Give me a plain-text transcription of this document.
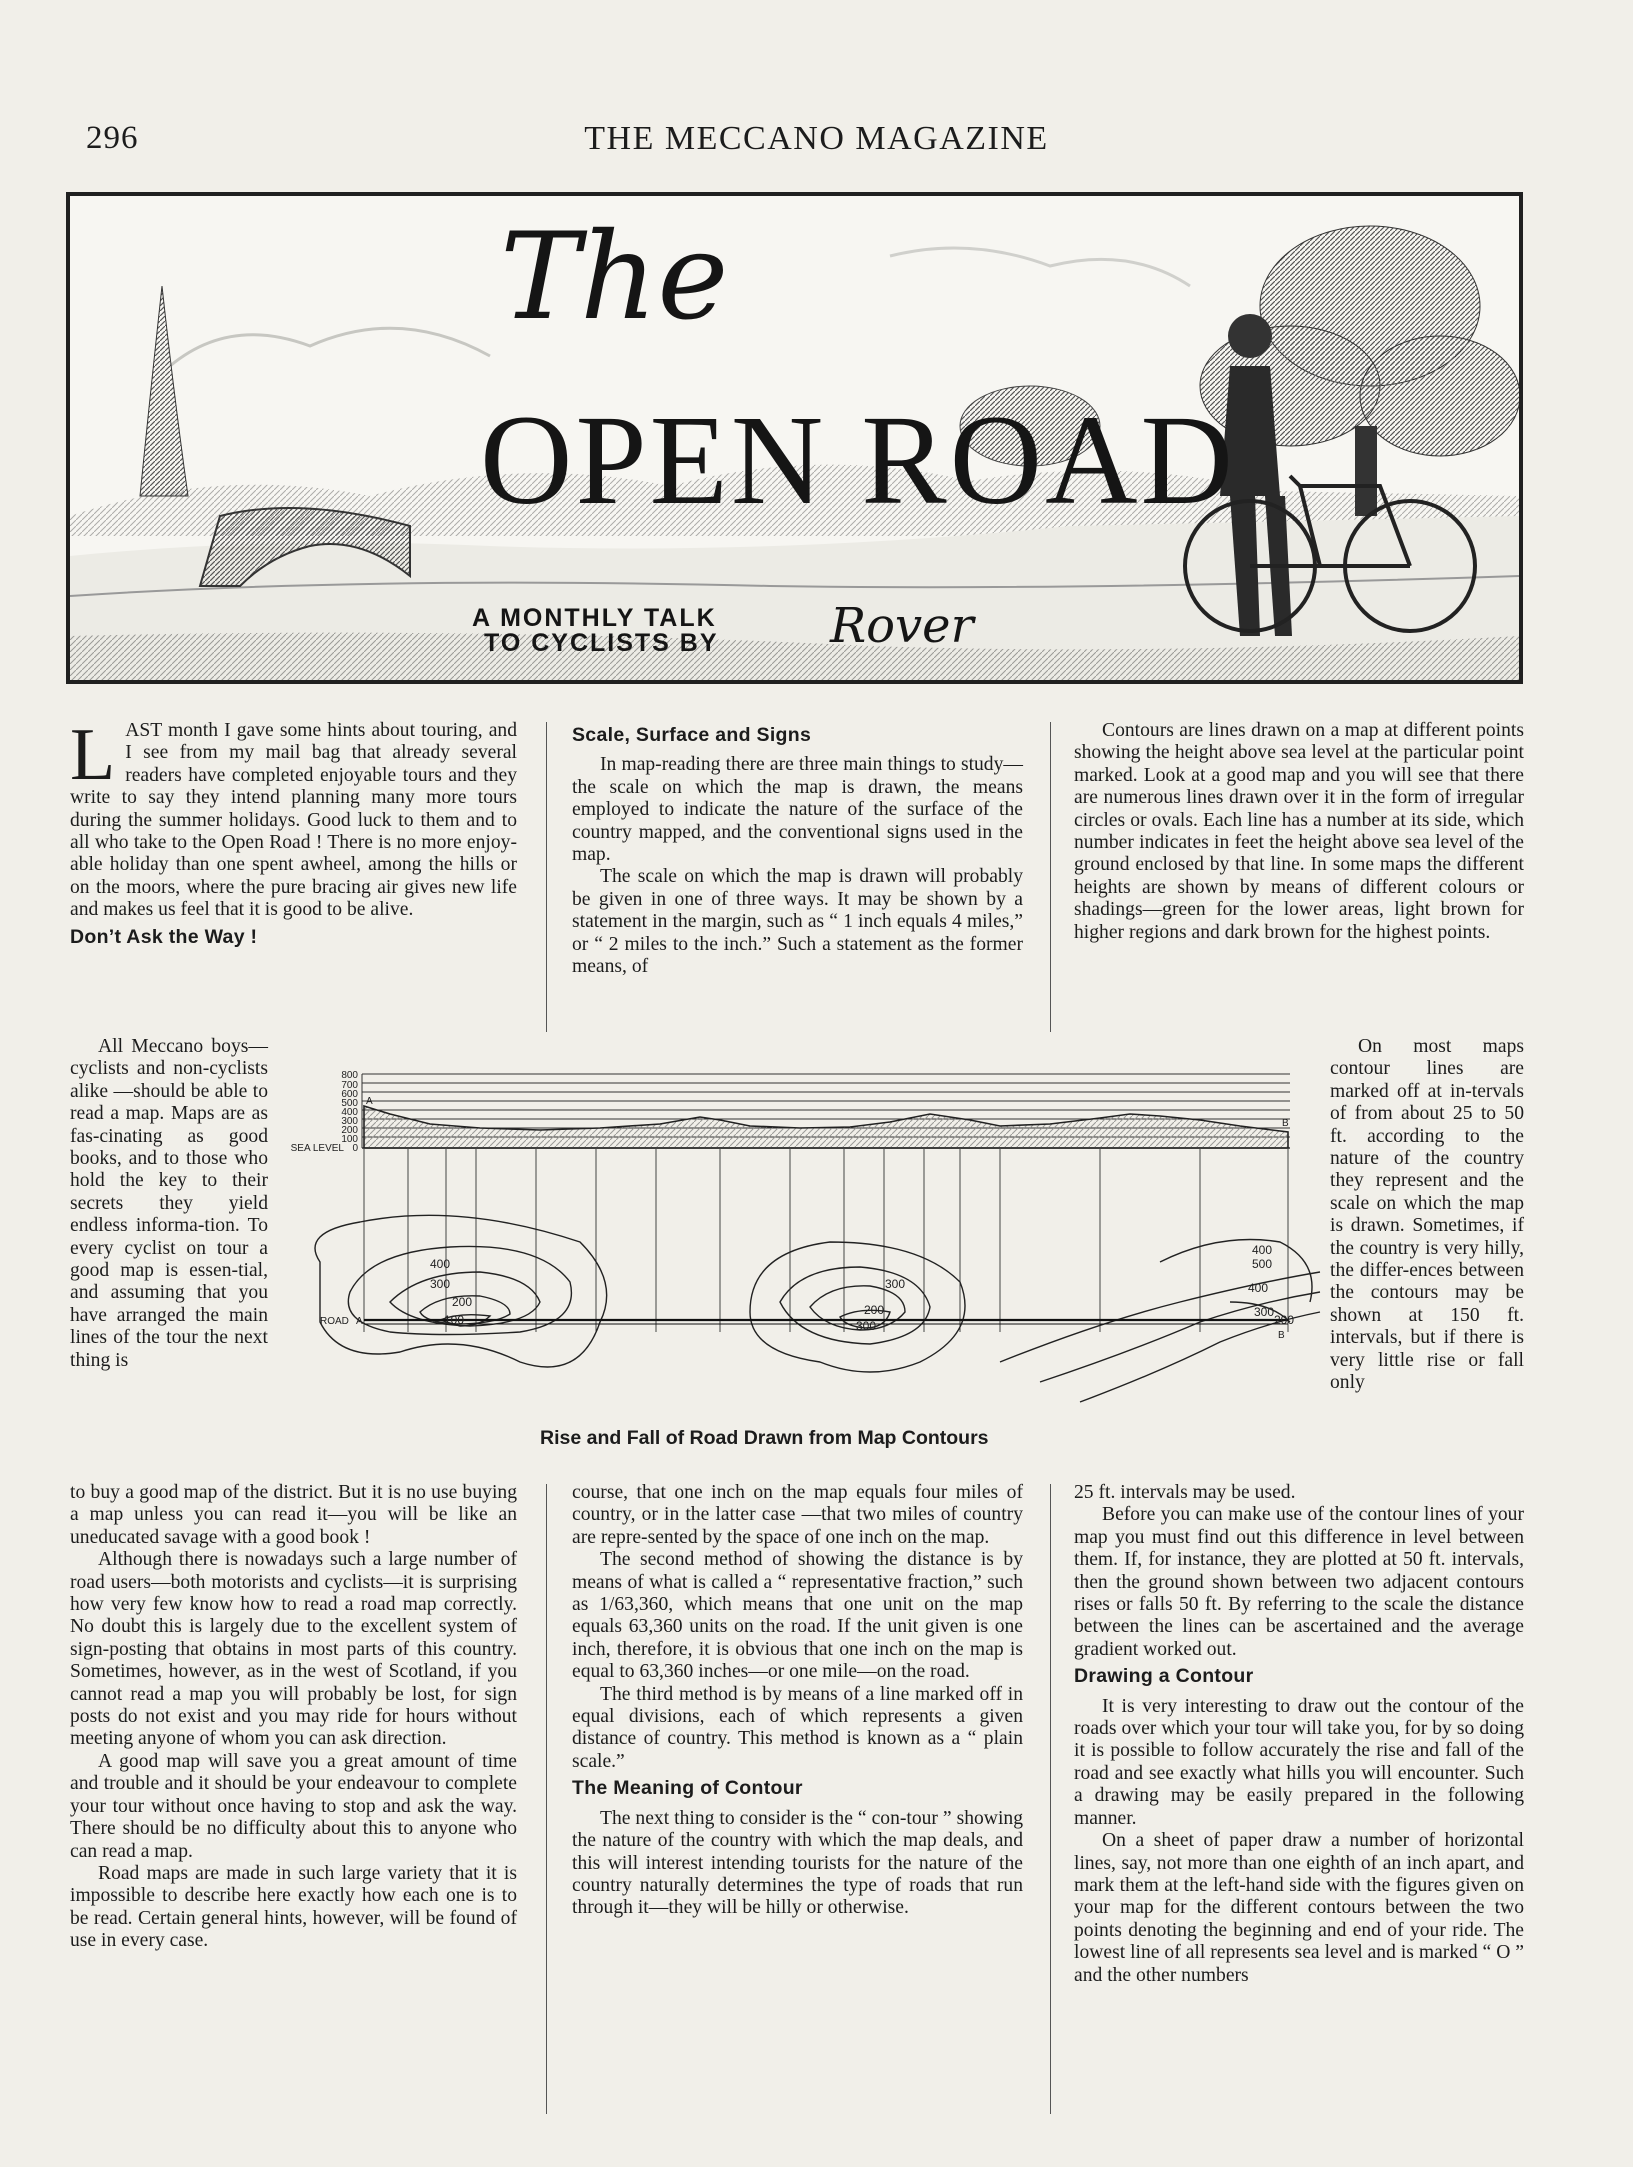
296	THE MECCANO MAGAZINE
The
OPEN ROAD
A MONTHLY TALK
TO CYCLISTS BY	Rover

LAST month I gave some hints about touring, and I see from my mail bag that already several readers have completed enjoyable tours and they write to say they intend planning many more tours during the summer holidays. Good luck to them and to all who take to the Open Road ! There is no more enjoy-able holiday than one spent awheel, among the hills or on the moors, where the pure bracing air gives new life and makes us feel that it is good to be alive.

Don’t Ask the Way !

All Meccano boys—cyclists and non-cyclists alike —should be able to read a map. Maps are as fas-cinating as good books, and to those who hold the key to their secrets they yield endless informa-tion. To every cyclist on tour a good map is essen-tial, and assuming that you have arranged the main lines of the tour the next thing is

to buy a good map of the district. But it is no use buying a map unless you can read it—you will be like an uneducated savage with a good book !

Although there is nowadays such a large number of road users—both motorists and cyclists—it is surprising how very few know how to read a road map correctly. No doubt this is largely due to the excellent system of sign-posting that obtains in most parts of this country. Sometimes, however, as in the west of Scotland, if you cannot read a map you will probably be lost, for sign posts do not exist and you may ride for hours without meeting anyone of whom you can ask direction.

A good map will save you a great amount of time and trouble and it should be your endeavour to complete your tour without once having to stop and ask the way. There should be no difficulty about this to anyone who can read a map.

Road maps are made in such large variety that it is impossible to describe here exactly how each one is to be read. Certain general hints, however, will be found of use in every case.

Scale, Surface and Signs

In map-reading there are three main things to study—the scale on which the map is drawn, the means employed to indicate the nature of the surface of the country mapped, and the conventional signs used in the map.

The scale on which the map is drawn will probably be given in one of three ways. It may be shown by a statement in the margin, such as “ 1 inch equals 4 miles,” or “ 2 miles to the inch.” Such a statement as the former means, of

course, that one inch on the map equals four miles of country, or in the latter case —that two miles of country are repre-sented by the space of one inch on the map.

The second method of showing the distance is by means of what is called a “ representative fraction,” such as 1/63,360, which means that one unit on the map equals 63,360 units on the road. If the unit given is one inch, therefore, it is obvious that one inch on the map is equal to 63,360 inches—or one mile—on the road.

The third method is by means of a line marked off in equal divisions, each of which represents a given distance of country. This method is known as a “ plain scale.”

The Meaning of Contour

The next thing to consider is the “ con-tour ” showing the nature of the country with which the map deals, and this will interest intending tourists for the nature of the country naturally determines the type of roads that run through it—they will be hilly or otherwise.

Contours are lines drawn on a map at different points showing the height above sea level at the particular point marked. Look at a good map and you will see that there are numerous lines drawn over it in the form of irregular circles or ovals. Each line has a number at its side, which number indicates in feet the height above sea level of the ground enclosed by that line. In some maps the different heights are shown by means of different colours or shadings—green for the lower areas, light brown for higher regions and dark brown for the highest points.

On most maps contour lines are marked off at in-tervals of from about 25 to 50 ft. according to the nature of the country they represent and the scale on which the map is drawn. Sometimes, if the country is very hilly, the differ-ences between the contours may be shown at 150 ft. intervals, but if there is very little rise or fall only

25 ft. intervals may be used.

Before you can make use of the contour lines of your map you must find out this difference in level between them. If, for instance, they are plotted at 50 ft. intervals, then the ground shown between two adjacent contours rises or falls 50 ft. By referring to the scale the distance between the lines can be ascertained and the average gradient worked out.

Drawing a Contour

It is very interesting to draw out the contour of the roads over which your tour will take you, for by so doing it is possible to follow accurately the rise and fall of the road and see exactly what hills you will encounter. Such a drawing may be easily prepared in the following manner.

On a sheet of paper draw a number of horizontal lines, say, not more than one eighth of an inch apart, and mark them at the left-hand side with the figures given on your map for the different contours between the two points denoting the beginning and end of your ride. The lowest line of all represents sea level and is marked “ O ” and the other numbers

800
700
600
500
400
300
200
100
0
SEA LEVEL
A
B
ROAD A
B
400
300
200
100
300
200
300
400
500
400
300
200
Rise and Fall of Road Drawn from Map Contours
